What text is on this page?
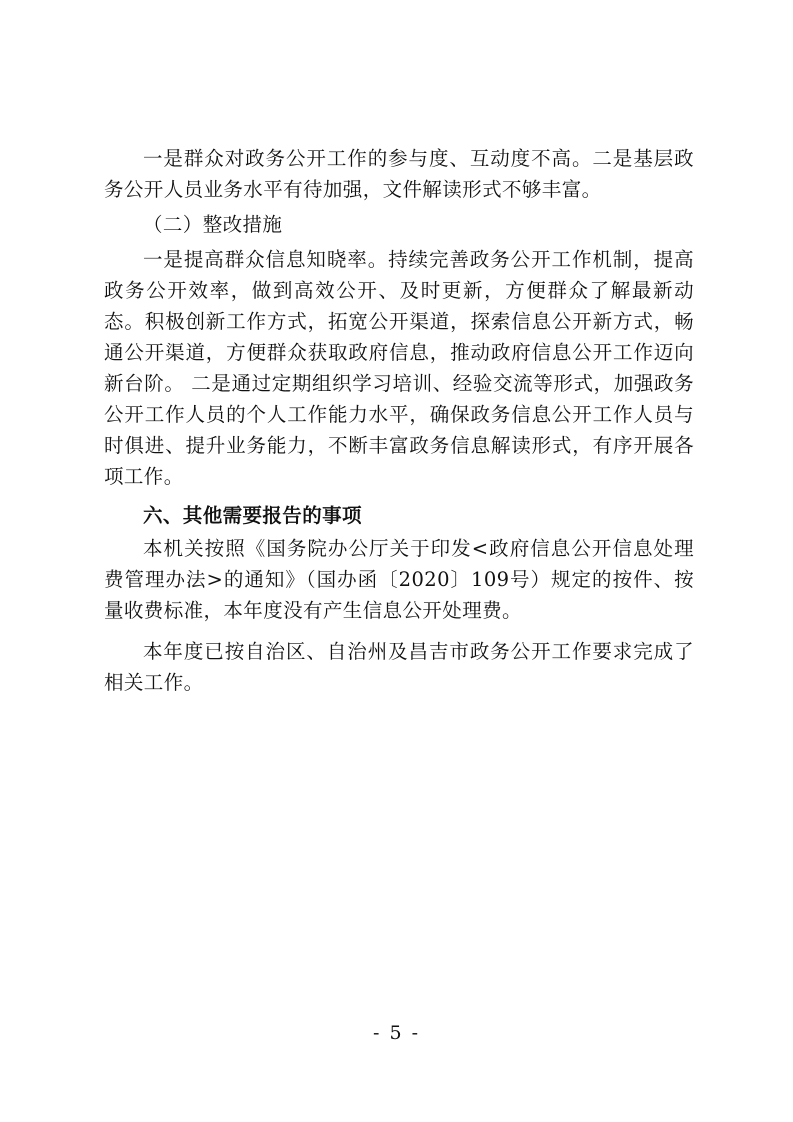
一是群众对政务公开工作的参与度、互动度不高。二是基层政务公开人员业务水平有待加强，文件解读形式不够丰富。

（二）整改措施

一是提高群众信息知晓率。持续完善政务公开工作机制，提高政务公开效率，做到高效公开、及时更新，方便群众了解最新动态。积极创新工作方式，拓宽公开渠道，探索信息公开新方式，畅通公开渠道，方便群众获取政府信息，推动政府信息公开工作迈向新台阶。 二是通过定期组织学习培训、经验交流等形式，加强政务公开工作人员的个人工作能力水平，确保政务信息公开工作人员与时俱进、提升业务能力，不断丰富政务信息解读形式，有序开展各项工作。

六、其他需要报告的事项

本机关按照《国务院办公厅关于印发<政府信息公开信息处理费管理办法>的通知》（国办函〔2020〕109号）规定的按件、按量收费标准，本年度没有产生信息公开处理费。

本年度已按自治区、自治州及昌吉市政务公开工作要求完成了相关工作。

- 5 -
